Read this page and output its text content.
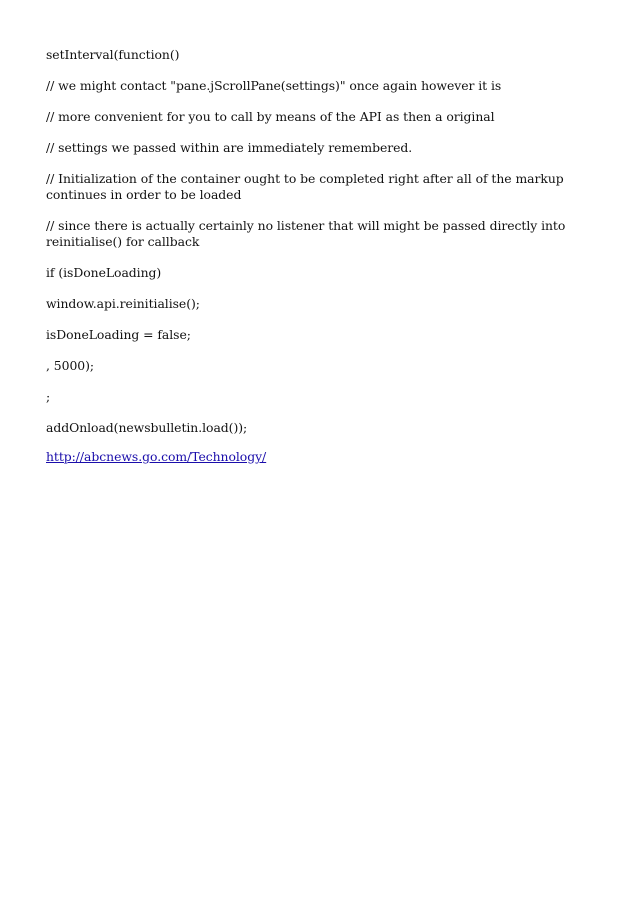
setInterval(function()

// we might contact "pane.jScrollPane(settings)" once again however it is

// more convenient for you to call by means of the API as then a original

// settings we passed within are immediately remembered.

// Initialization of the container ought to be completed right after all of the markup continues in order to be loaded

// since there is actually certainly no listener that will might be passed directly into reinitialise() for callback

if (isDoneLoading)

window.api.reinitialise();

isDoneLoading = false;

, 5000);

;

addOnload(newsbulletin.load());

http://abcnews.go.com/Technology/
